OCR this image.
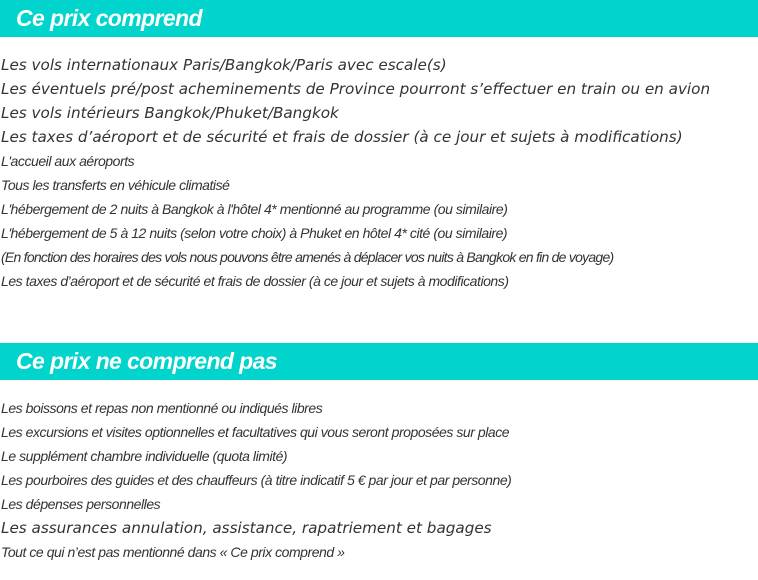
Ce prix comprend
Les vols internationaux Paris/Bangkok/Paris avec escale(s)
Les éventuels pré/post acheminements de Province pourront s’effectuer en train ou en avion
Les vols intérieurs Bangkok/Phuket/Bangkok
Les taxes d’aéroport et de sécurité et frais de dossier (à ce jour et sujets à modifications)
L'accueil aux aéroports
Tous les transferts en véhicule climatisé
L'hébergement de 2 nuits à Bangkok à l'hôtel 4* mentionné au programme (ou similaire)
L'hébergement de 5 à 12 nuits (selon votre choix) à Phuket en hôtel 4* cité (ou similaire)
(En fonction des horaires des vols nous pouvons être amenés à déplacer vos nuits à Bangkok en fin de voyage)
Les taxes d’aéroport et de sécurité et frais de dossier (à ce jour et sujets à modifications)
Ce prix ne comprend pas
Les boissons et repas non mentionné ou indiqués libres
Les excursions et visites optionnelles et facultatives qui vous seront proposées sur place
Le supplément chambre individuelle (quota limité)
Les pourboires des guides et des chauffeurs (à titre indicatif 5 € par jour et par personne)
Les dépenses personnelles
Les assurances annulation, assistance, rapatriement et bagages
Tout ce qui n’est pas mentionné dans « Ce prix comprend »
